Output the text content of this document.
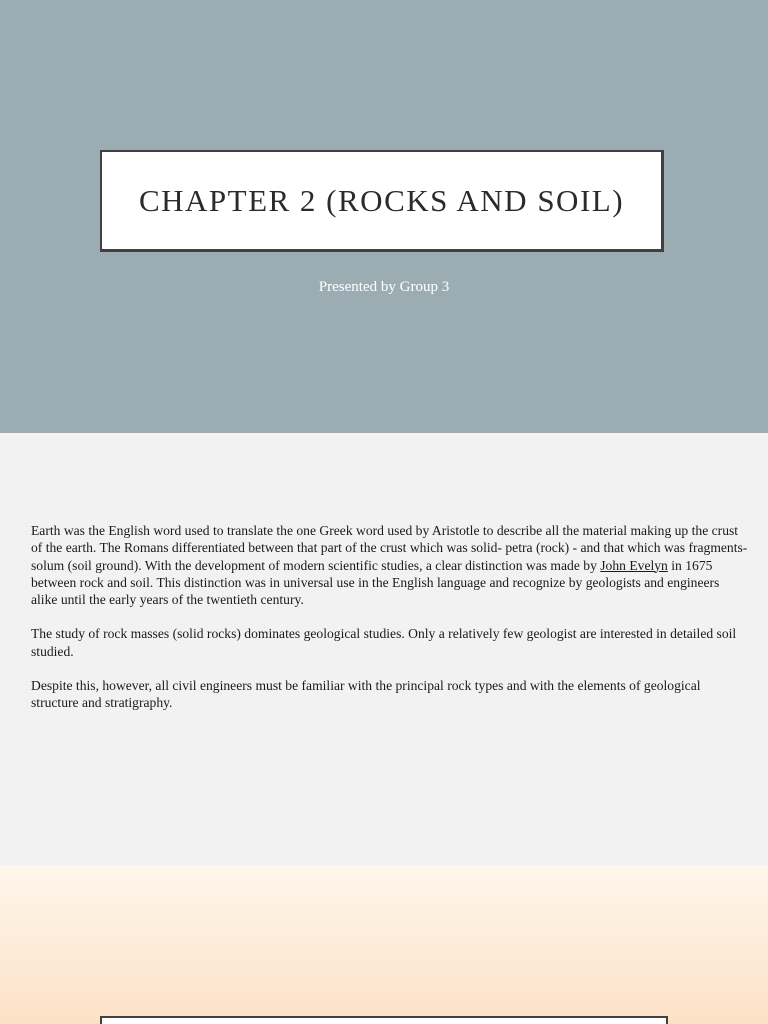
CHAPTER 2 (ROCKS AND SOIL)
Presented by Group 3

Earth was the English word used to translate the one Greek word used by Aristotle to describe all the material making up the crust of the earth. The Romans differentiated between that part of the crust which was solid- petra (rock) - and that which was fragments- solum (soil ground). With the development of modern scientific studies, a clear distinction was made by John Evelyn in 1675 between rock and soil. This distinction was in universal use in the English language and recognize by geologists and engineers alike until the early years of the twentieth century.

The study of rock masses (solid rocks) dominates geological studies. Only a relatively few geologist are interested in detailed soil studied.

Despite this, however, all civil engineers must be familiar with the principal rock types and with the elements of geological structure and stratigraphy.
